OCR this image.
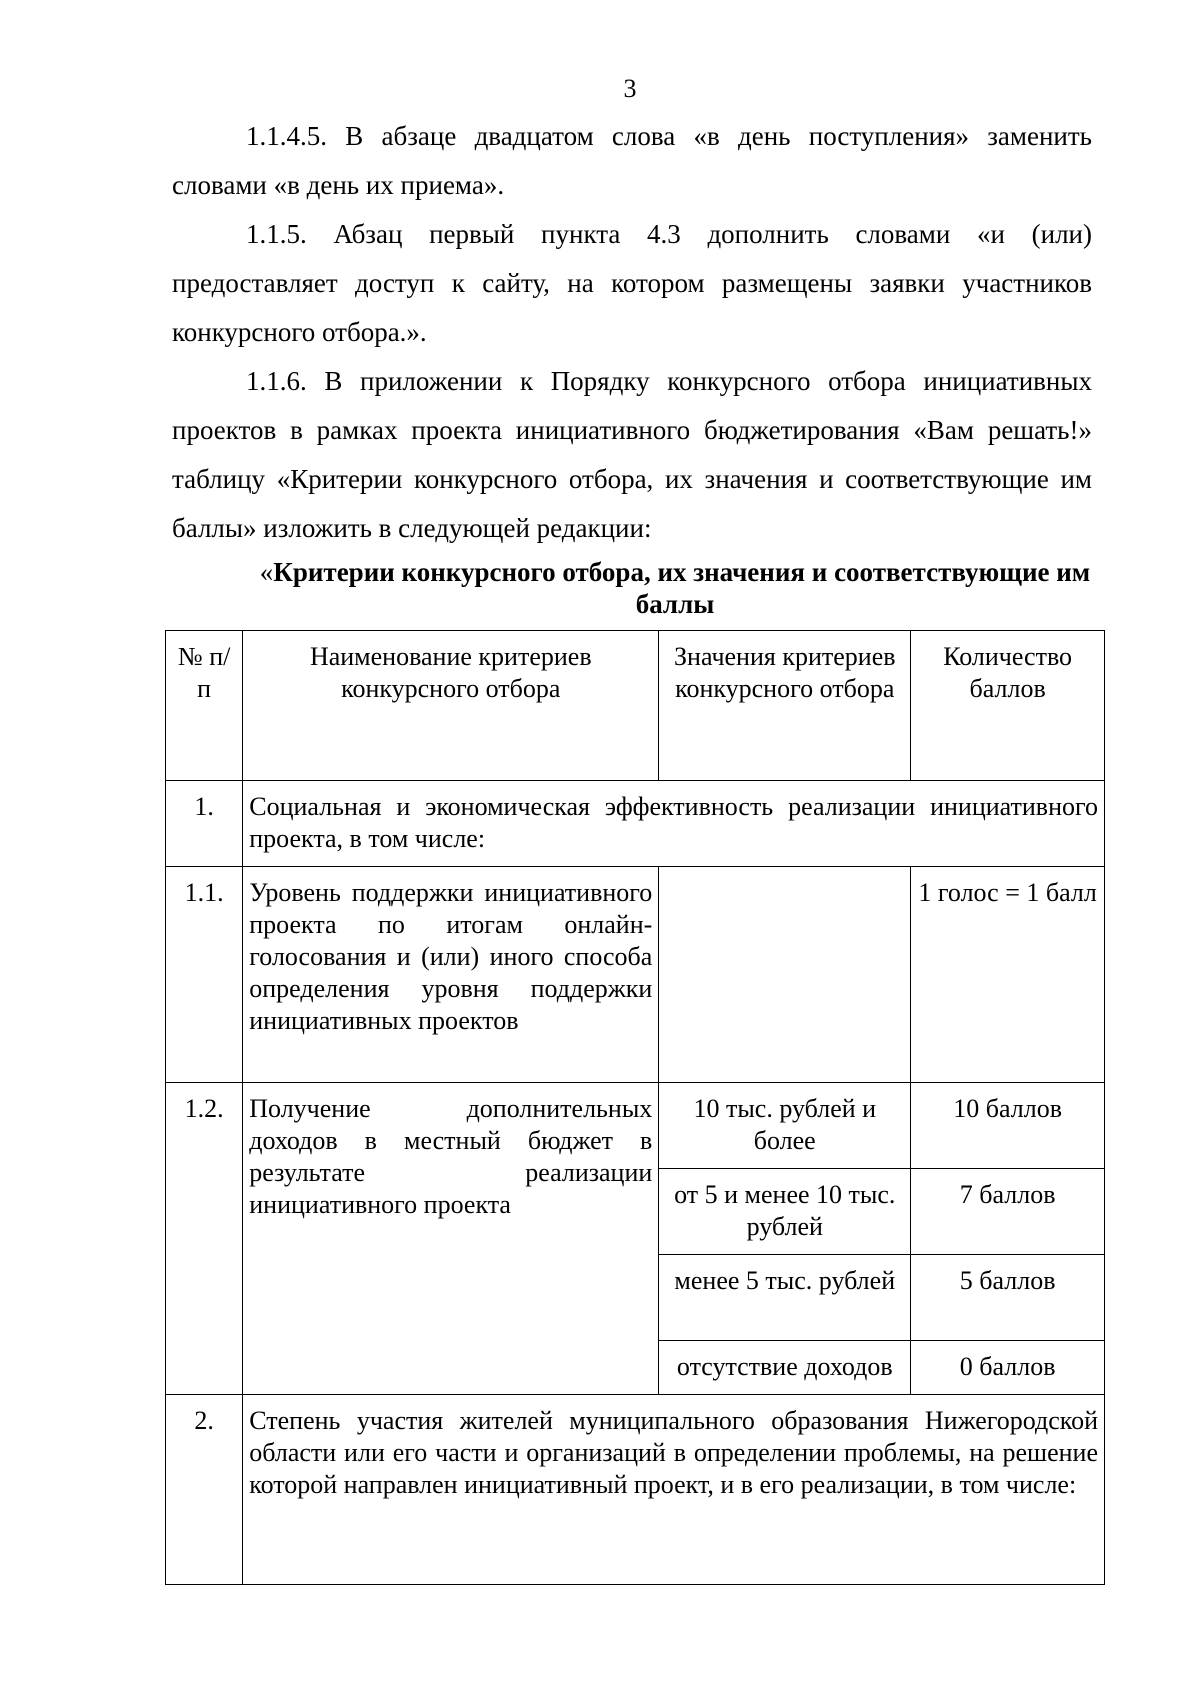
3

1.1.4.5. В абзаце двадцатом слова «в день поступления» заменить словами «в день их приема».

1.1.5. Абзац первый пункта 4.3 дополнить словами «и (или) предоставляет доступ к сайту, на котором размещены заявки участников конкурсного отбора.».

1.1.6. В приложении к Порядку конкурсного отбора инициативных проектов в рамках проекта инициативного бюджетирования «Вам решать!» таблицу «Критерии конкурсного отбора, их значения и соответствующие им баллы» изложить в следующей редакции:

«Критерии конкурсного отбора, их значения и соответствующие им баллы
№ п/п	Наименование критериев конкурсного отбора	Значения критериев конкурсного отбора	Количество баллов
1.	Социальная и экономическая эффективность реализации инициативного проекта, в том числе:		
1.1.	Уровень поддержки инициативного проекта по итогам онлайн-голосования и (или) иного способа определения уровня поддержки инициативных проектов		1 голос = 1 балл
1.2.	Получение дополнительных доходов в местный бюджет в результате реализации инициативного проекта	10 тыс. рублей и более	10 баллов
		от 5 и менее 10 тыс. рублей	7 баллов
		менее 5 тыс. рублей	5 баллов
		отсутствие доходов	0 баллов
2.	Степень участия жителей муниципального образования Нижегородской области или его части и организаций в определении проблемы, на решение которой направлен инициативный проект, и в его реализации, в том числе:		
